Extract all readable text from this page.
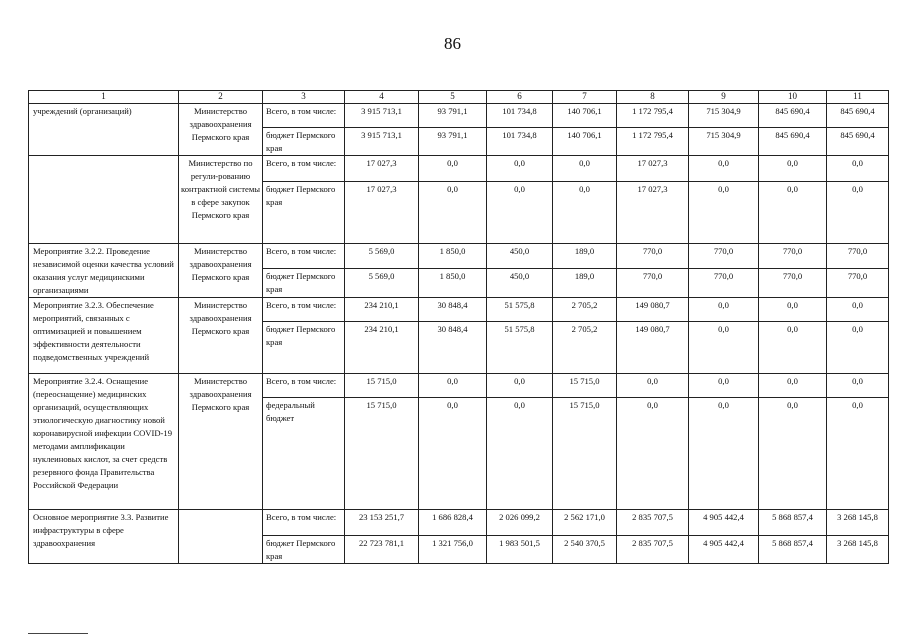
86
1	2	3	4	5	6	7	8	9	10	11
учреждений (организаций)	Министерство здравоохранения Пермского края	Всего, в том числе:	3 915 713,1	93 791,1	101 734,8	140 706,1	1 172 795,4	715 304,9	845 690,4	845 690,4
		бюджет Пермского края	3 915 713,1	93 791,1	101 734,8	140 706,1	1 172 795,4	715 304,9	845 690,4	845 690,4
	Министерство по регули-рованию контрактной системы в сфере закупок Пермского края	Всего, в том числе:	17 027,3	0,0	0,0	0,0	17 027,3	0,0	0,0	0,0
		бюджет Пермского края	17 027,3	0,0	0,0	0,0	17 027,3	0,0	0,0	0,0
Мероприятие 3.2.2. Проведение независимой оценки качества условий оказания услуг медицинскими организациями	Министерство здравоохранения Пермского края	Всего, в том числе:	5 569,0	1 850,0	450,0	189,0	770,0	770,0	770,0	770,0
		бюджет Пермского края	5 569,0	1 850,0	450,0	189,0	770,0	770,0	770,0	770,0
Мероприятие 3.2.3. Обеспечение мероприятий, связанных с оптимизацией и повышением эффективности деятельности подведомственных учреждений	Министерство здравоохранения Пермского края	Всего, в том числе:	234 210,1	30 848,4	51 575,8	2 705,2	149 080,7	0,0	0,0	0,0
		бюджет Пермского края	234 210,1	30 848,4	51 575,8	2 705,2	149 080,7	0,0	0,0	0,0
Мероприятие 3.2.4. Оснащение (переоснащение) медицинских организаций, осуществляющих этиологическую диагностику новой коронавирусной инфекции COVID-19 методами амплификации нуклеиновых кислот, за счет средств резервного фонда Правительства Российской Федерации	Министерство здравоохранения Пермского края	Всего, в том числе:	15 715,0	0,0	0,0	15 715,0	0,0	0,0	0,0	0,0
		федеральный бюджет	15 715,0	0,0	0,0	15 715,0	0,0	0,0	0,0	0,0
Основное мероприятие 3.3. Развитие инфраструктуры в сфере здравоохранения		Всего, в том числе:	23 153 251,7	1 686 828,4	2 026 099,2	2 562 171,0	2 835 707,5	4 905 442,4	5 868 857,4	3 268 145,8
		бюджет Пермского края	22 723 781,1	1 321 756,0	1 983 501,5	2 540 370,5	2 835 707,5	4 905 442,4	5 868 857,4	3 268 145,8
